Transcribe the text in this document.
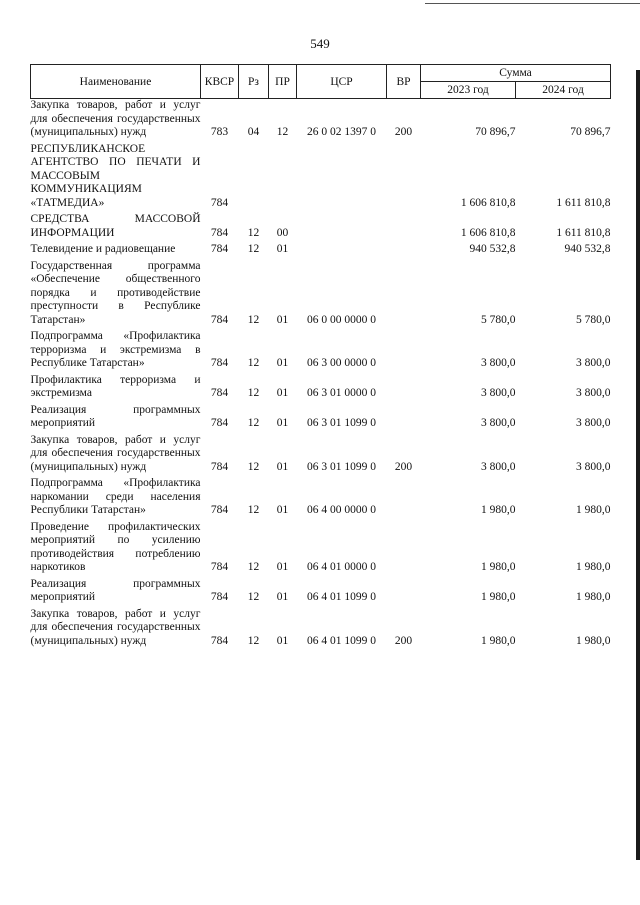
549
Наименование	КВСР	Рз	ПР	ЦСР	ВР	Сумма	
						2023 год	2024 год
Закупка товаров, работ и услуг для обеспечения государственных (муниципальных) нужд	783	04	12	26 0 02 1397 0	200	70 896,7	70 896,7
РЕСПУБЛИКАНСКОЕ АГЕНТСТВО ПО ПЕЧАТИ И МАССОВЫМ КОММУНИКАЦИЯМ «ТАТМЕДИА»	784					1 606 810,8	1 611 810,8
СРЕДСТВА МАССОВОЙ ИНФОРМАЦИИ	784	12	00			1 606 810,8	1 611 810,8
Телевидение и радиовещание	784	12	01			940 532,8	940 532,8
Государственная программа «Обеспечение общественного порядка и противодействие преступности в Республике Татарстан»	784	12	01	06 0 00 0000 0		5 780,0	5 780,0
Подпрограмма «Профилактика терроризма и экстремизма в Республике Татарстан»	784	12	01	06 3 00 0000 0		3 800,0	3 800,0
Профилактика терроризма и экстремизма	784	12	01	06 3 01 0000 0		3 800,0	3 800,0
Реализация программных мероприятий	784	12	01	06 3 01 1099 0		3 800,0	3 800,0
Закупка товаров, работ и услуг для обеспечения государственных (муниципальных) нужд	784	12	01	06 3 01 1099 0	200	3 800,0	3 800,0
Подпрограмма «Профилактика наркомании среди населения Республики Татарстан»	784	12	01	06 4 00 0000 0		1 980,0	1 980,0
Проведение профилактических мероприятий по усилению противодействия потреблению наркотиков	784	12	01	06 4 01 0000 0		1 980,0	1 980,0
Реализация программных мероприятий	784	12	01	06 4 01 1099 0		1 980,0	1 980,0
Закупка товаров, работ и услуг для обеспечения государственных (муниципальных) нужд	784	12	01	06 4 01 1099 0	200	1 980,0	1 980,0
